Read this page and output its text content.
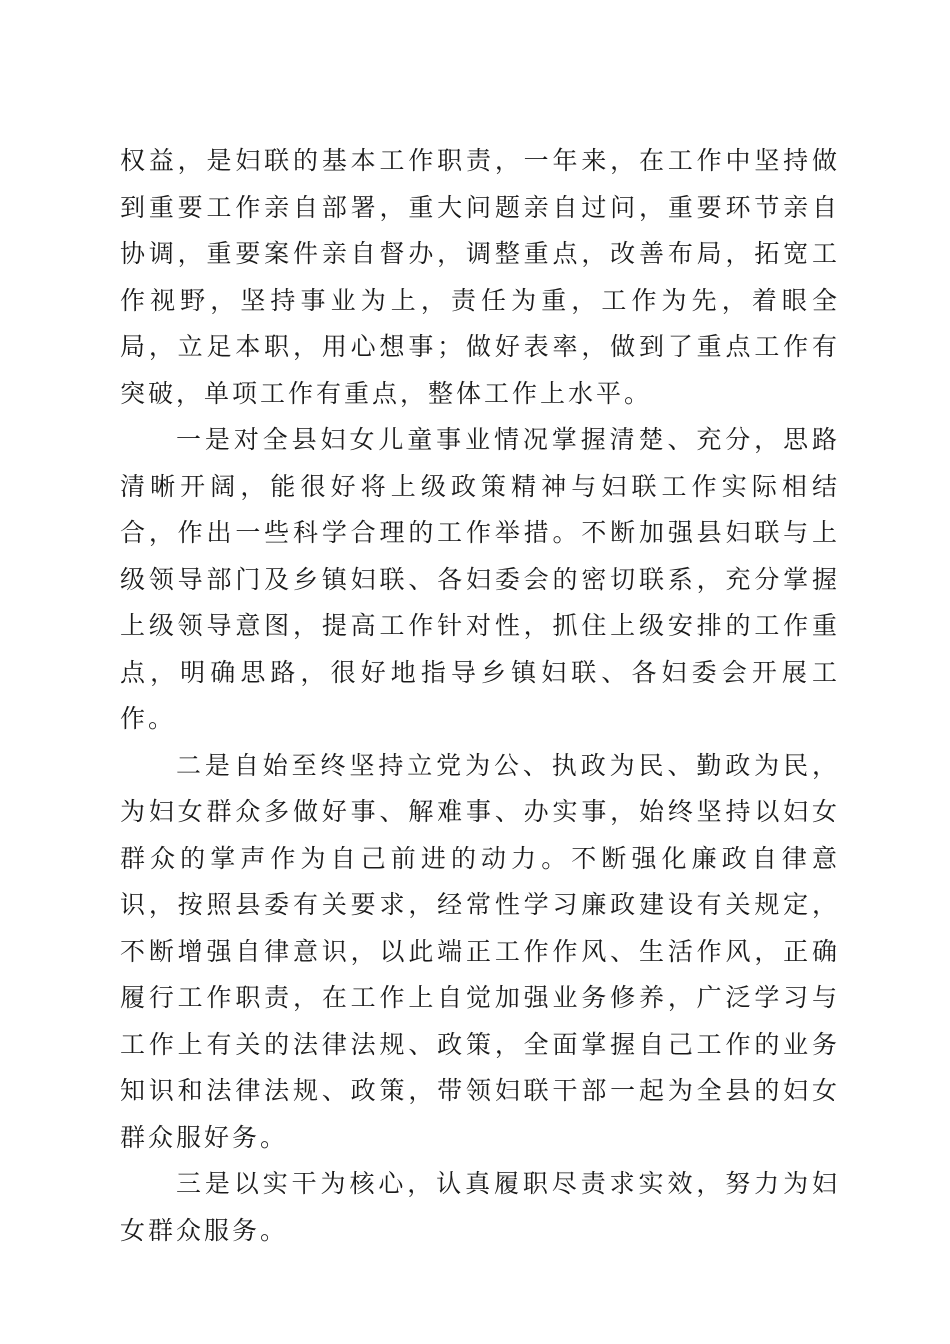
权益，是妇联的基本工作职责，一年来，在工作中坚持做到重要工作亲自部署，重大问题亲自过问，重要环节亲自协调，重要案件亲自督办，调整重点，改善布局，拓宽工作视野，坚持事业为上，责任为重，工作为先，着眼全局，立足本职，用心想事；做好表率，做到了重点工作有突破，单项工作有重点，整体工作上水平。

一是对全县妇女儿童事业情况掌握清楚、充分，思路清晰开阔，能很好将上级政策精神与妇联工作实际相结合，作出一些科学合理的工作举措。不断加强县妇联与上级领导部门及乡镇妇联、各妇委会的密切联系，充分掌握上级领导意图，提高工作针对性，抓住上级安排的工作重点，明确思路，很好地指导乡镇妇联、各妇委会开展工作。

二是自始至终坚持立党为公、执政为民、勤政为民，为妇女群众多做好事、解难事、办实事，始终坚持以妇女群众的掌声作为自己前进的动力。不断强化廉政自律意识，按照县委有关要求，经常性学习廉政建设有关规定，不断增强自律意识，以此端正工作作风、生活作风，正确履行工作职责，在工作上自觉加强业务修养，广泛学习与工作上有关的法律法规、政策，全面掌握自己工作的业务知识和法律法规、政策，带领妇联干部一起为全县的妇女群众服好务。

三是以实干为核心，认真履职尽责求实效，努力为妇女群众服务。
